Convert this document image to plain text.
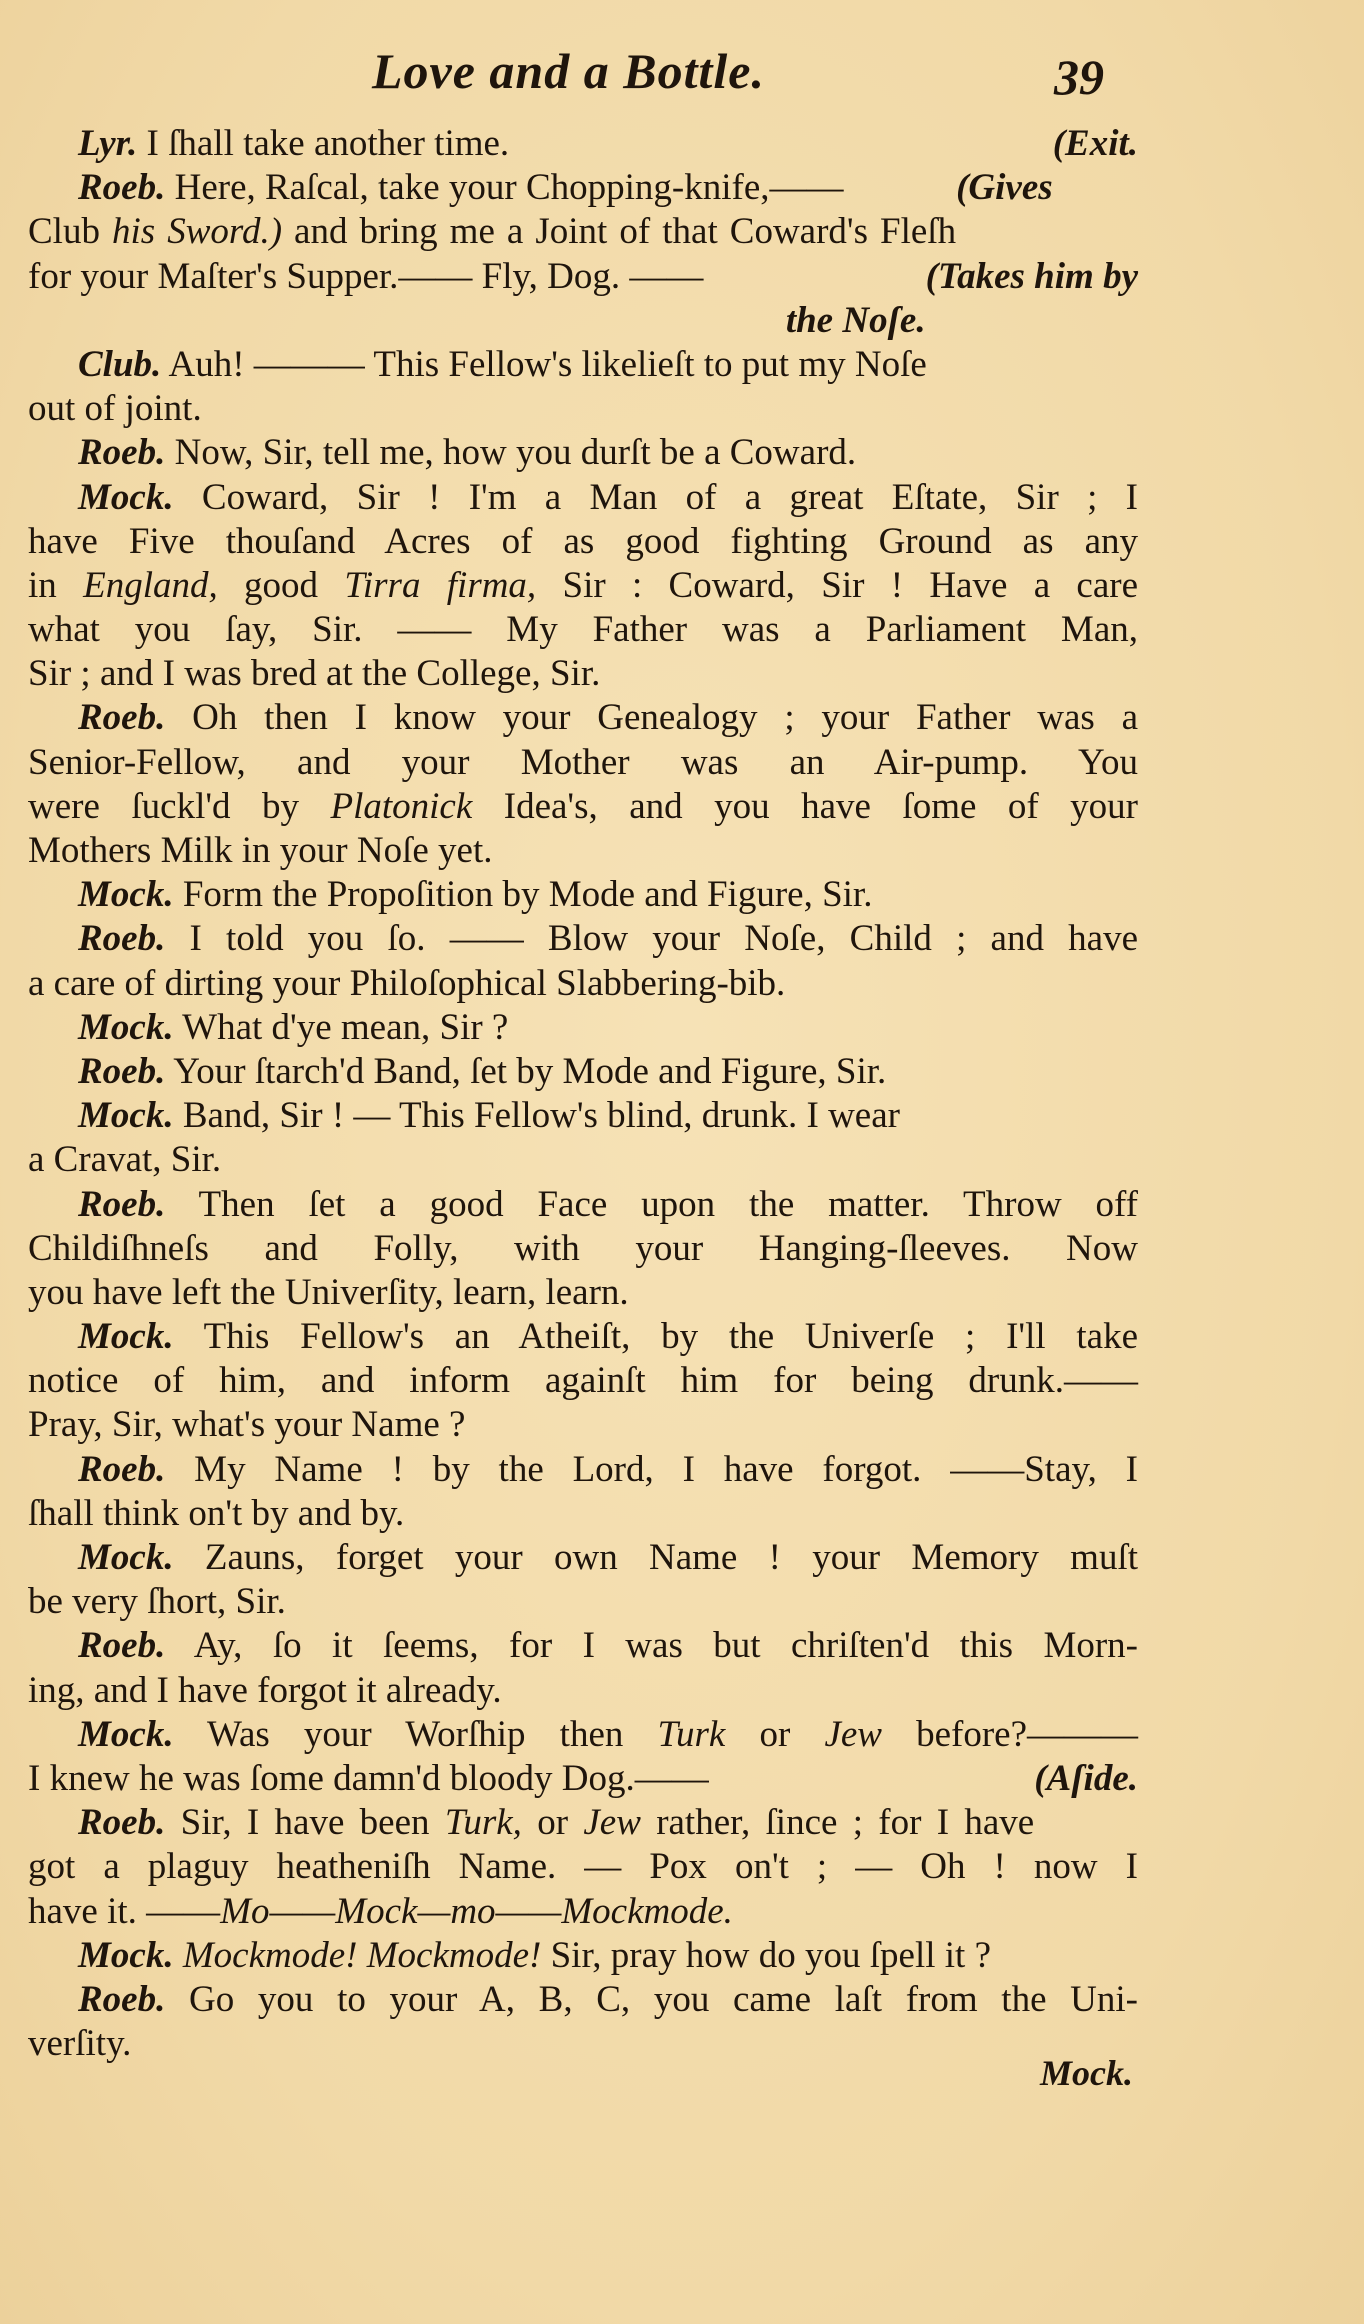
Love and a Bottle.	39
(Exit.
Lyr. I ſhall take another time.
(Gives
Roeb. Here, Raſcal, take your Chopping-knife,——
Club his Sword.) and bring me a Joint of that Coward's Fleſh
(Takes him by
for your Maſter's Supper.—— Fly, Dog. ——
the Noſe.
Club. Auh! ——— This Fellow's likelieſt to put my Noſe
out of joint.
Roeb. Now, Sir, tell me, how you durſt be a Coward.
Mock. Coward, Sir ! I'm a Man of a great Eſtate, Sir ; I
have Five thouſand Acres of as good fighting Ground as any
in England, good Tirra firma, Sir : Coward, Sir ! Have a care
what you ſay, Sir. —— My Father was a Parliament Man,
Sir ; and I was bred at the College, Sir.
Roeb. Oh then I know your Genealogy ; your Father was a
Senior-Fellow, and your Mother was an Air-pump. You
were ſuckl'd by Platonick Idea's, and you have ſome of your
Mothers Milk in your Noſe yet.
Mock. Form the Propoſition by Mode and Figure, Sir.
Roeb. I told you ſo. —— Blow your Noſe, Child ; and have
a care of dirting your Philoſophical Slabbering-bib.
Mock. What d'ye mean, Sir ?
Roeb. Your ſtarch'd Band, ſet by Mode and Figure, Sir.
Mock. Band, Sir ! — This Fellow's blind, drunk. I wear
a Cravat, Sir.
Roeb. Then ſet a good Face upon the matter. Throw off
Childiſhneſs and Folly, with your Hanging-ſleeves. Now
you have left the Univerſity, learn, learn.
Mock. This Fellow's an Atheiſt, by the Univerſe ; I'll take
notice of him, and inform againſt him for being drunk.——
Pray, Sir, what's your Name ?
Roeb. My Name ! by the Lord, I have forgot. ——Stay, I
ſhall think on't by and by.
Mock. Zauns, forget your own Name ! your Memory muſt
be very ſhort, Sir.
Roeb. Ay, ſo it ſeems, for I was but chriſten'd this Morn-
ing, and I have forgot it already.
Mock. Was your Worſhip then Turk or Jew before?———
(Aſide.
I knew he was ſome damn'd bloody Dog.——
Roeb. Sir, I have been Turk, or Jew rather, ſince ; for I have
got a plaguy heatheniſh Name. — Pox on't ; — Oh ! now I
have it. ——Mo——Mock—mo——Mockmode.
Mock. Mockmode! Mockmode! Sir, pray how do you ſpell it ?
Roeb. Go you to your A, B, C, you came laſt from the Uni-
verſity.
Mock.
